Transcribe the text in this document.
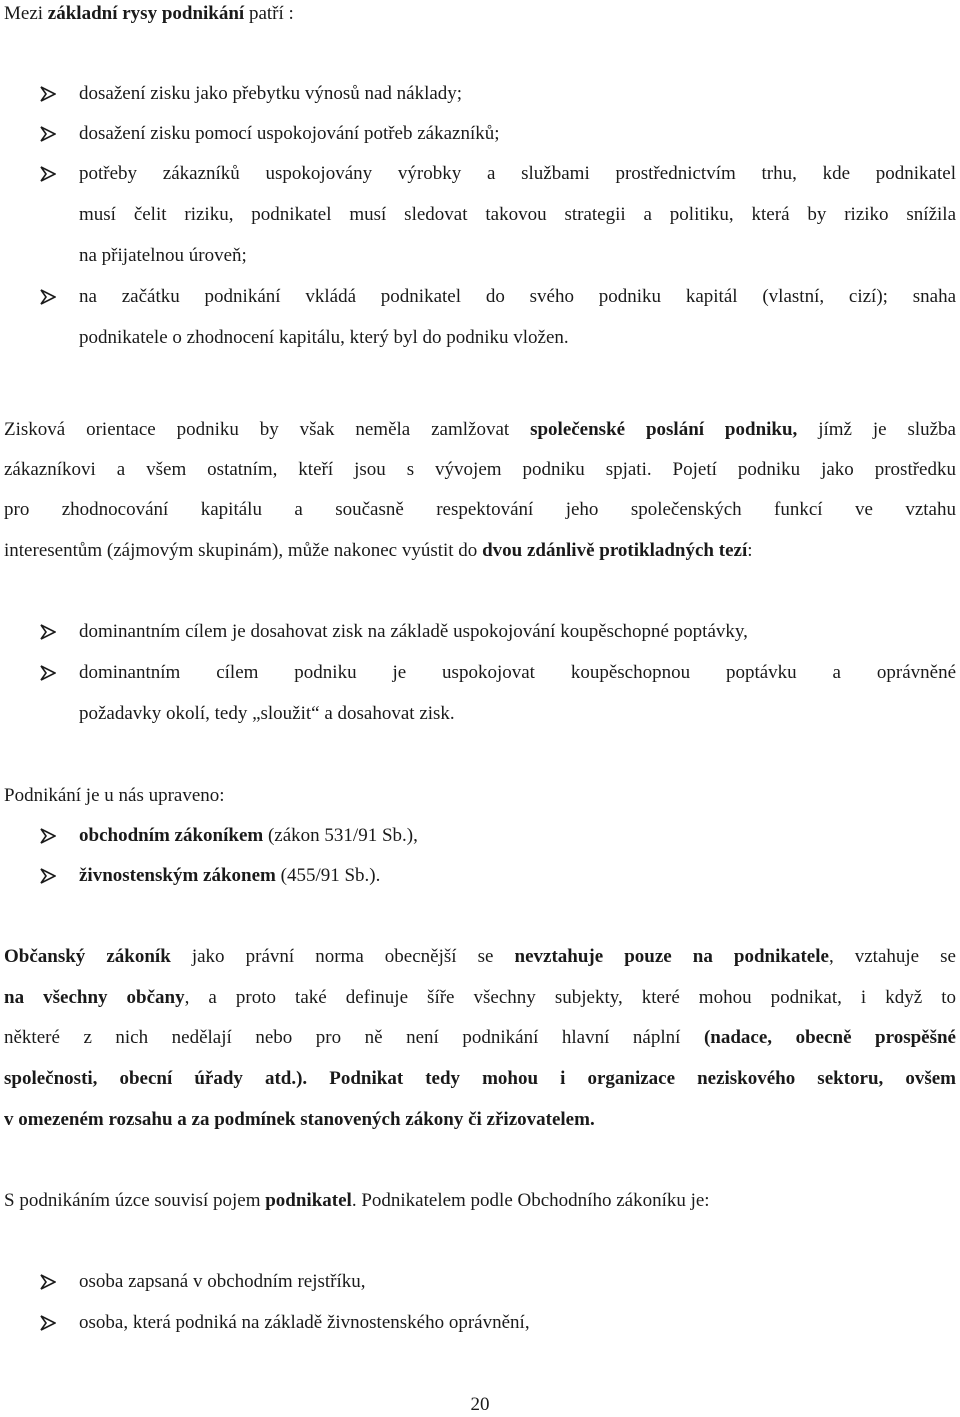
Mezi základní rysy podnikání patří :
dosažení zisku jako přebytku výnosů nad náklady;
dosažení zisku pomocí uspokojování potřeb zákazníků;
potřeby zákazníků uspokojovány výrobky a službami prostřednictvím trhu, kde podnikatel
musí čelit riziku, podnikatel musí sledovat takovou strategii a politiku, která by riziko snížila
na přijatelnou úroveň;
na začátku podnikání vkládá podnikatel do svého podniku kapitál (vlastní, cizí); snaha
podnikatele o zhodnocení kapitálu, který byl do podniku vložen.
Zisková orientace podniku by však neměla zamlžovat společenské poslání podniku, jímž je služba
zákazníkovi a všem ostatním, kteří jsou s vývojem podniku spjati. Pojetí podniku jako prostředku
pro zhodnocování kapitálu a současně respektování jeho společenských funkcí ve vztahu
interesentům (zájmovým skupinám), může nakonec vyústit do dvou zdánlivě protikladných tezí:
dominantním cílem je dosahovat zisk na základě uspokojování koupěschopné poptávky,
dominantním cílem podniku je uspokojovat koupěschopnou poptávku a oprávněné
požadavky okolí, tedy „sloužit“ a dosahovat zisk.
Podnikání je u nás upraveno:
obchodním zákoníkem (zákon 531/91 Sb.),
živnostenským zákonem (455/91 Sb.).
Občanský zákoník jako právní norma obecnější se nevztahuje pouze na podnikatele, vztahuje se
na všechny občany, a proto také definuje šíře všechny subjekty, které mohou podnikat, i když to
některé z nich nedělají nebo pro ně není podnikání hlavní náplní (nadace, obecně prospěšné
společnosti, obecní úřady atd.). Podnikat tedy mohou i organizace neziskového sektoru, ovšem
v omezeném rozsahu a za podmínek stanovených zákony či zřizovatelem.
S podnikáním úzce souvisí pojem podnikatel. Podnikatelem podle Obchodního zákoníku je:
osoba zapsaná v obchodním rejstříku,
osoba, která podniká na základě živnostenského oprávnění,
20
